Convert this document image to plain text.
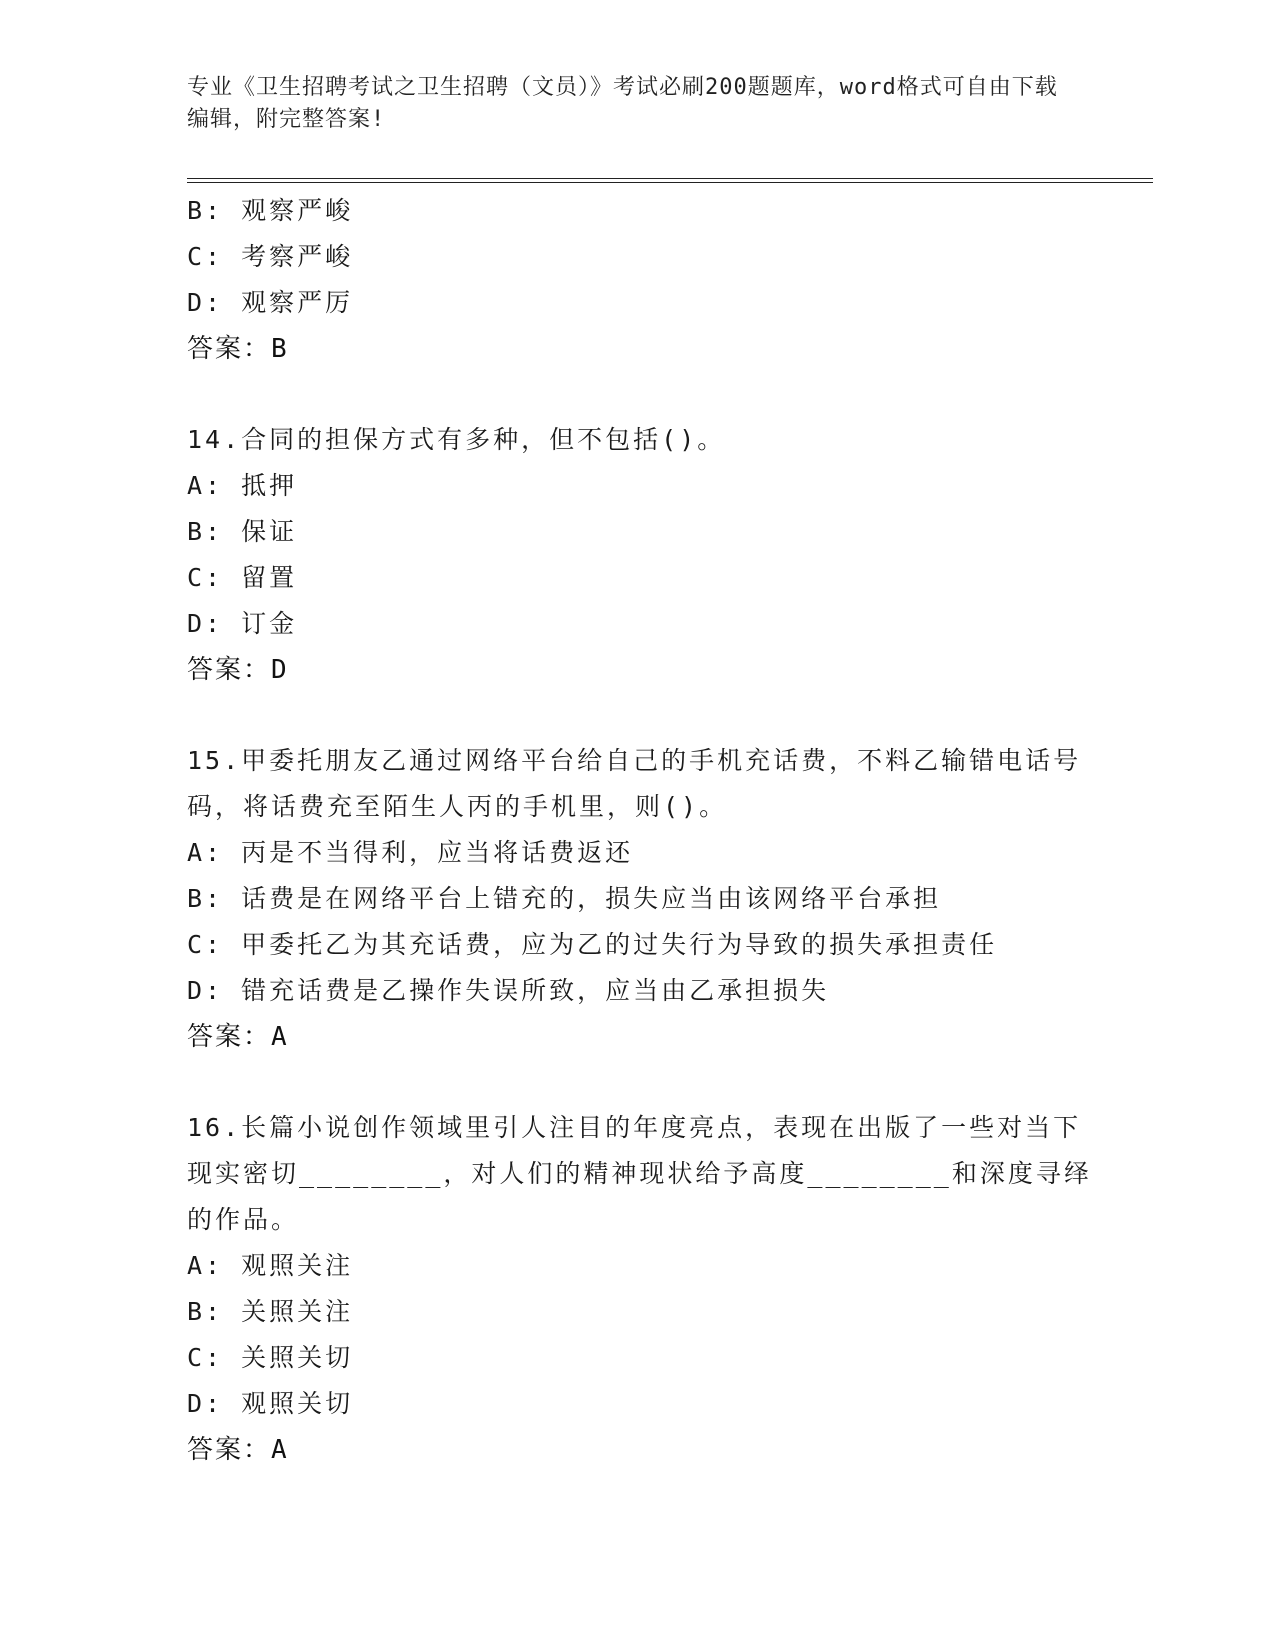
专业《卫生招聘考试之卫生招聘（文员）》考试必刷200题题库，word格式可自由下载编辑，附完整答案!
B: 观察严峻
C: 考察严峻
D: 观察严厉
答案：B
14.合同的担保方式有多种，但不包括()。
A: 抵押
B: 保证
C: 留置
D: 订金
答案：D
15.甲委托朋友乙通过网络平台给自己的手机充话费，不料乙输错电话号码，将话费充至陌生人丙的手机里，则()。
A: 丙是不当得利，应当将话费返还
B: 话费是在网络平台上错充的，损失应当由该网络平台承担
C: 甲委托乙为其充话费，应为乙的过失行为导致的损失承担责任
D: 错充话费是乙操作失误所致，应当由乙承担损失
答案：A
16.长篇小说创作领域里引人注目的年度亮点，表现在出版了一些对当下现实密切________，对人们的精神现状给予高度________和深度寻绎的作品。
A: 观照关注
B: 关照关注
C: 关照关切
D: 观照关切
答案：A
